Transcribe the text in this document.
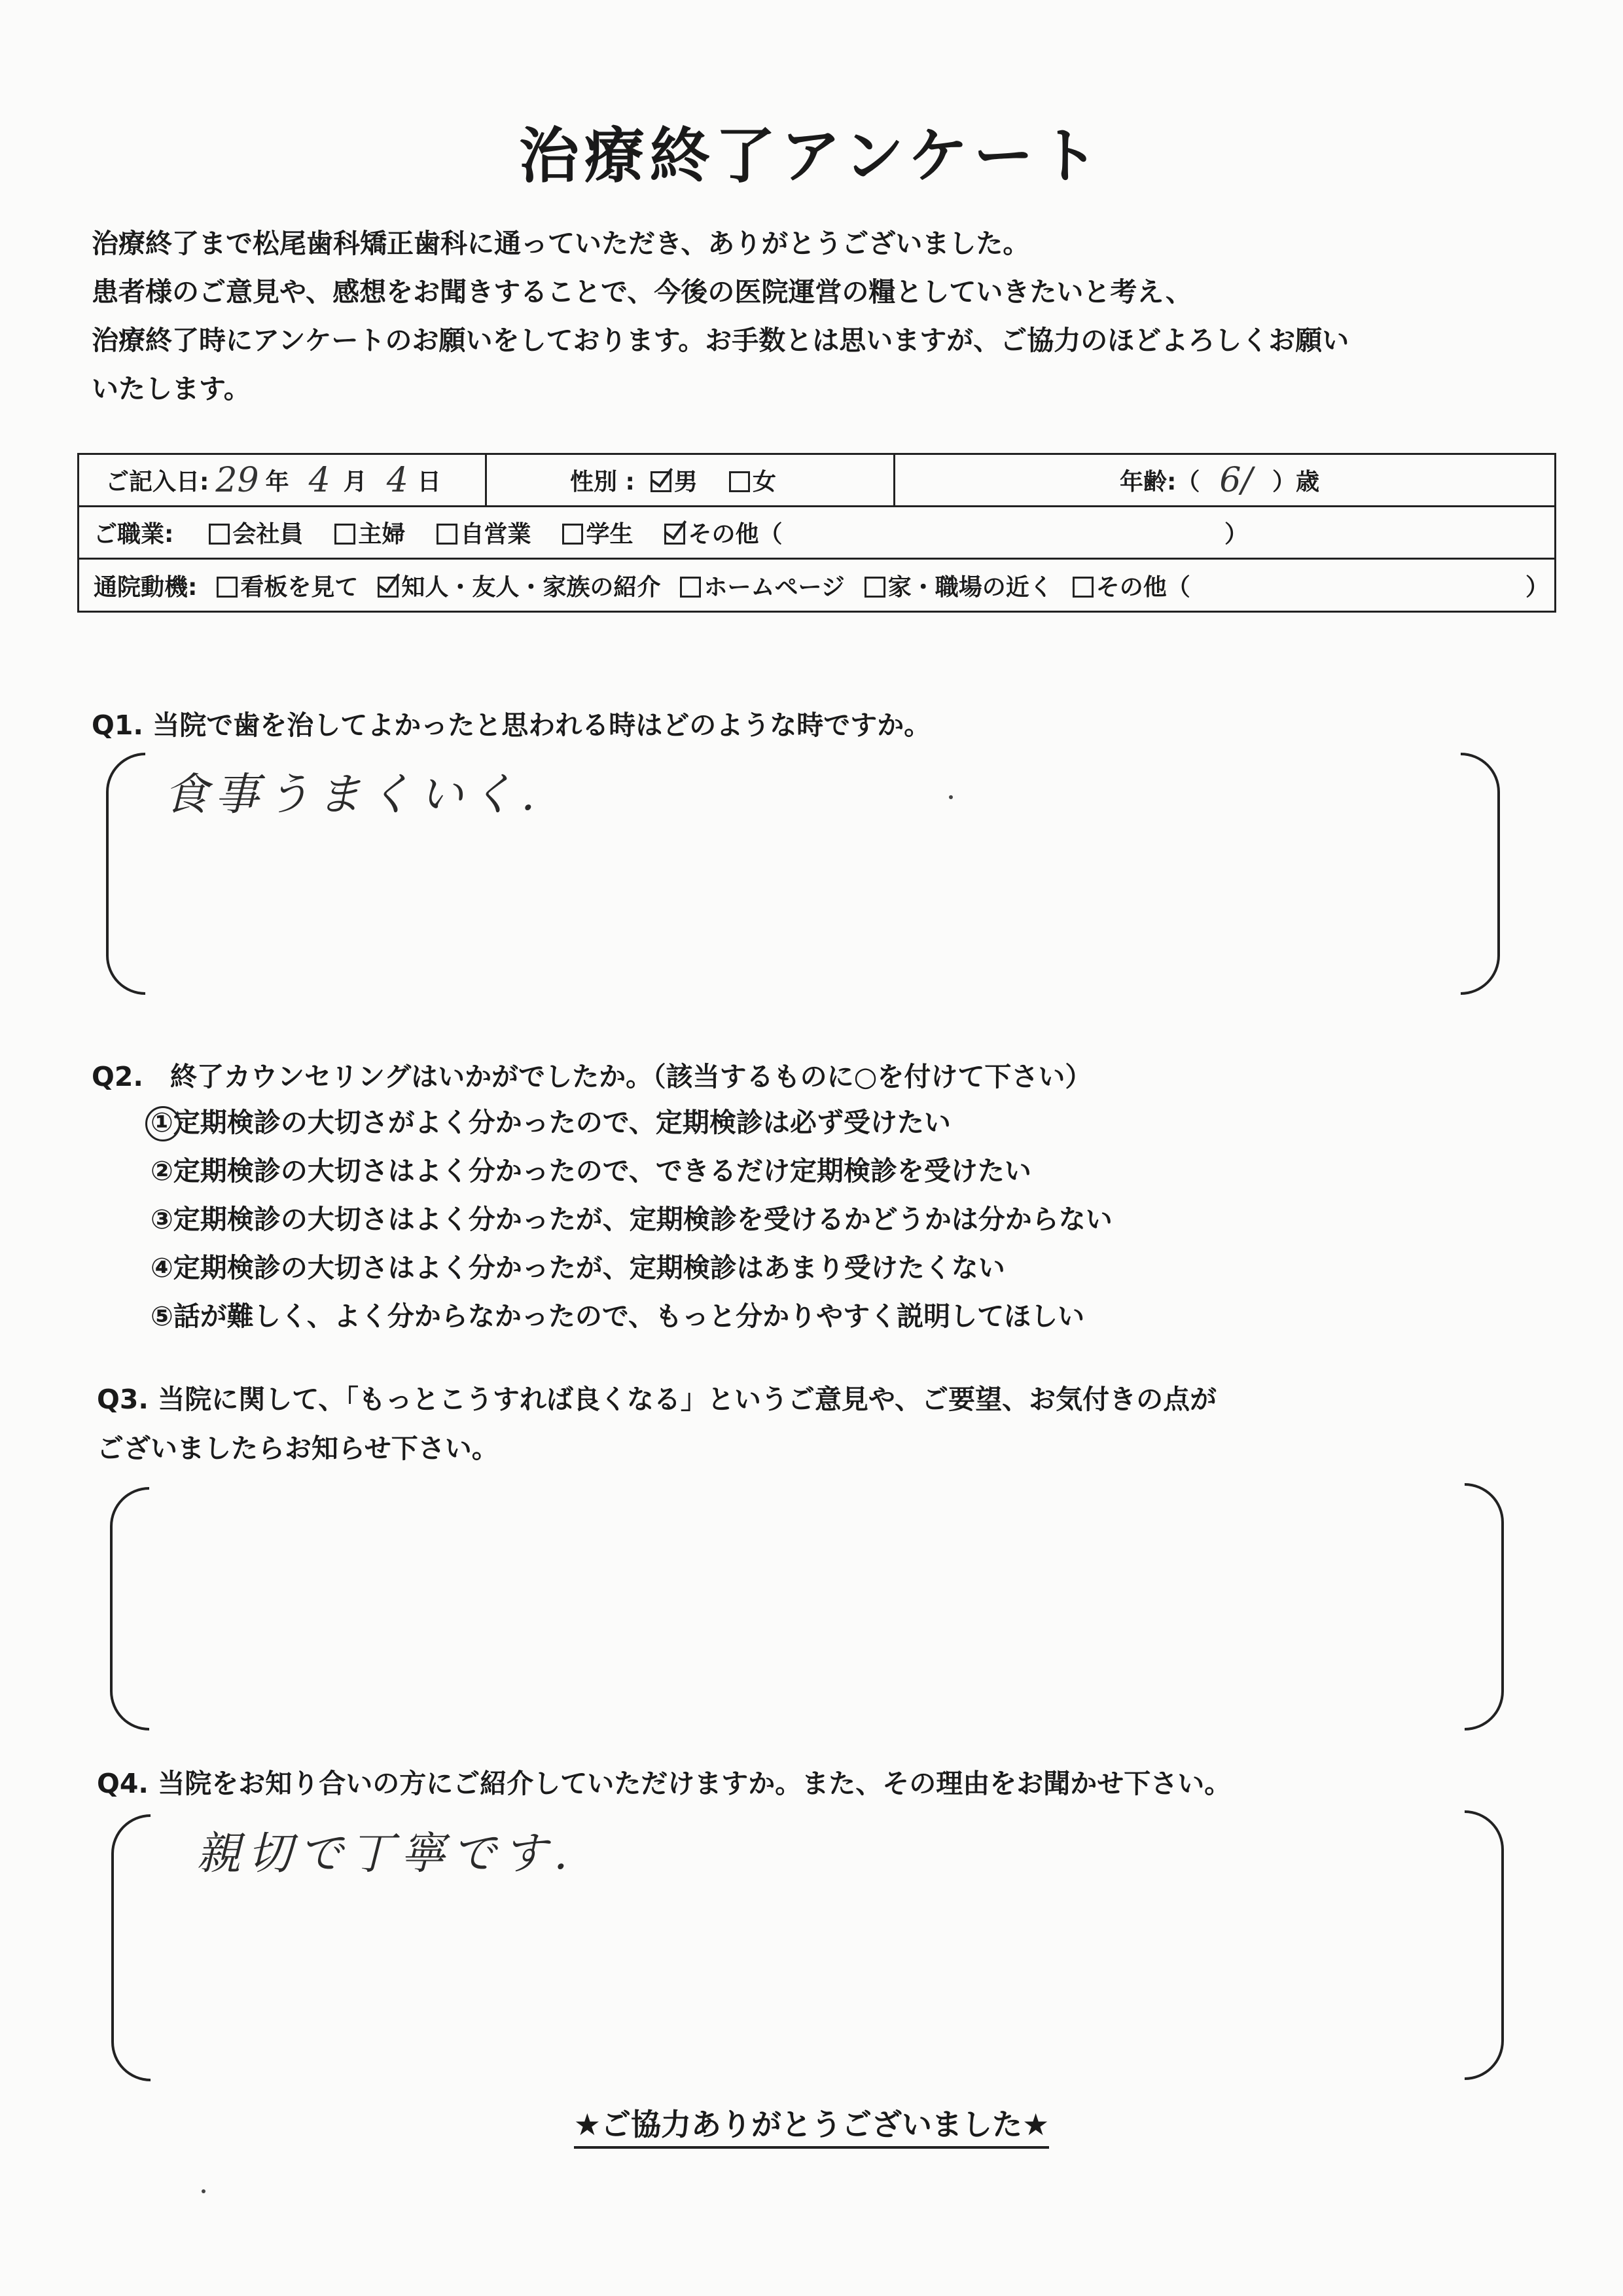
治療終了アンケート
治療終了まで松尾歯科矯正歯科に通っていただき、ありがとうございました。
患者様のご意見や、感想をお聞きすることで、今後の医院運営の糧としていきたいと考え、
治療終了時にアンケートのお願いをしております。お手数とは思いますが、ご協力のほどよろしくお願い
いたします。
ご記入日: 29 年 4 月 4 日	性別 :	男	女	年齢:（ 6/ ）歳
ご職業:	会社員	主婦	自営業	学生	その他（	）
通院動機:	看板を見て	知人・友人・家族の紹介	ホームページ	家・職場の近く	その他（	）
Q1. 当院で歯を治してよかったと思われる時はどのような時ですか。
食事うまくいく.
Q2.　終了カウンセリングはいかがでしたか。（該当するものに○を付けて下さい）
①定期検診の大切さがよく分かったので、定期検診は必ず受けたい
②定期検診の大切さはよく分かったので、できるだけ定期検診を受けたい
③定期検診の大切さはよく分かったが、定期検診を受けるかどうかは分からない
④定期検診の大切さはよく分かったが、定期検診はあまり受けたくない
⑤話が難しく、よく分からなかったので、もっと分かりやすく説明してほしい
Q3. 当院に関して、「もっとこうすれば良くなる」というご意見や、ご要望、お気付きの点が
ございましたらお知らせ下さい。
Q4. 当院をお知り合いの方にご紹介していただけますか。また、その理由をお聞かせ下さい。
親切で丁寧です.
★ご協力ありがとうございました★
